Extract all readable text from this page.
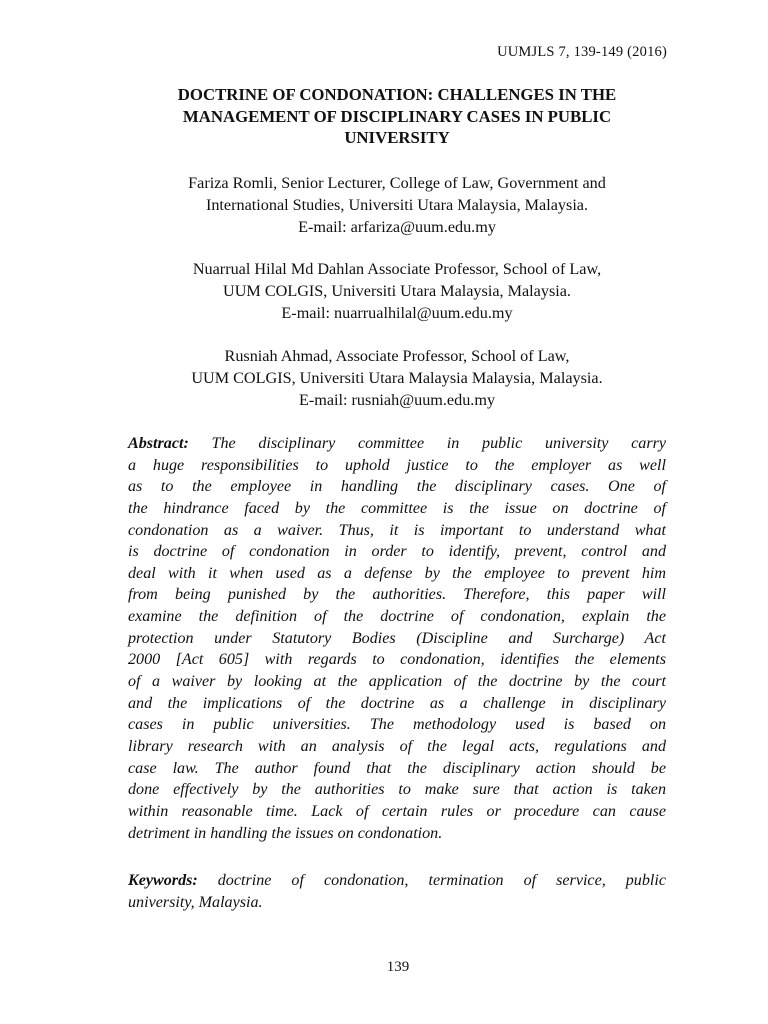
UUMJLS 7, 139-149 (2016)
DOCTRINE OF CONDONATION: CHALLENGES IN THE
MANAGEMENT OF DISCIPLINARY CASES IN PUBLIC
UNIVERSITY
Fariza Romli, Senior Lecturer, College of Law, Government and
International Studies, Universiti Utara Malaysia, Malaysia.
E-mail: arfariza@uum.edu.my
Nuarrual Hilal Md Dahlan Associate Professor, School of Law,
UUM COLGIS, Universiti Utara Malaysia, Malaysia.
E-mail: nuarrualhilal@uum.edu.my
Rusniah Ahmad, Associate Professor, School of Law,
UUM COLGIS, Universiti Utara Malaysia Malaysia, Malaysia.
E-mail: rusniah@uum.edu.my
Abstract: The disciplinary committee in public university carry
a huge responsibilities to uphold justice to the employer as well
as to the employee in handling the disciplinary cases. One of
the hindrance faced by the committee is the issue on doctrine of
condonation as a waiver. Thus, it is important to understand what
is doctrine of condonation in order to identify, prevent, control and
deal with it when used as a defense by the employee to prevent him
from being punished by the authorities. Therefore, this paper will
examine the definition of the doctrine of condonation, explain the
protection under Statutory Bodies (Discipline and Surcharge) Act
2000 [Act 605] with regards to condonation, identifies the elements
of a waiver by looking at the application of the doctrine by the court
and the implications of the doctrine as a challenge in disciplinary
cases in public universities. The methodology used is based on
library research with an analysis of the legal acts, regulations and
case law. The author found that the disciplinary action should be
done effectively by the authorities to make sure that action is taken
within reasonable time. Lack of certain rules or procedure can cause
detriment in handling the issues on condonation.
Keywords: doctrine of condonation, termination of service, public
university, Malaysia.
139
